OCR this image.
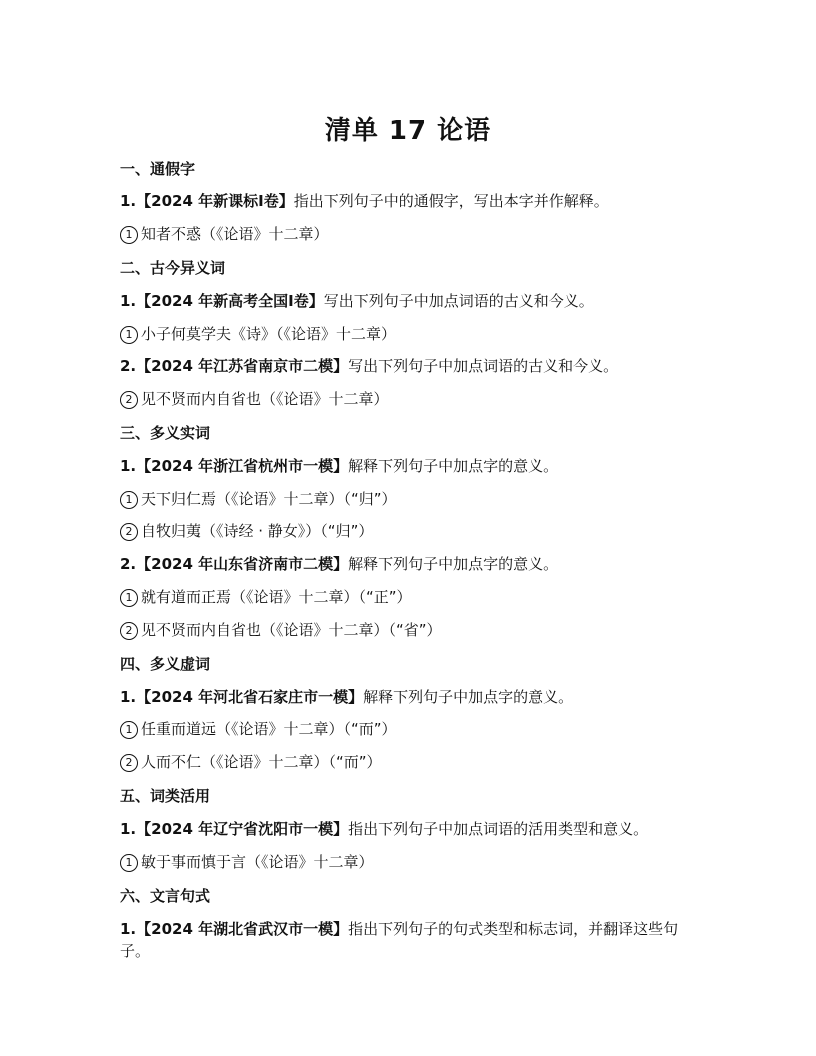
清单 17 论语
一、通假字
1.【2024 年新课标Ⅰ卷】指出下列句子中的通假字，写出本字并作解释。
1 知者不惑（《论语》十二章）
二、古今异义词
1.【2024 年新高考全国Ⅰ卷】写出下列句子中加点词语的古义和今义。
1 小子何莫学夫《诗》（《论语》十二章）
2.【2024 年江苏省南京市二模】写出下列句子中加点词语的古义和今义。
2 见不贤而内自省也（《论语》十二章）
三、多义实词
1.【2024 年浙江省杭州市一模】解释下列句子中加点字的意义。
1 天下归仁焉（《论语》十二章）（“归”）
2 自牧归荑（《诗经 · 静女》）（“归”）
2.【2024 年山东省济南市二模】解释下列句子中加点字的意义。
1 就有道而正焉（《论语》十二章）（“正”）
2 见不贤而内自省也（《论语》十二章）（“省”）
四、多义虚词
1.【2024 年河北省石家庄市一模】解释下列句子中加点字的意义。
1 任重而道远（《论语》十二章）（“而”）
2 人而不仁（《论语》十二章）（“而”）
五、词类活用
1.【2024 年辽宁省沈阳市一模】指出下列句子中加点词语的活用类型和意义。
1 敏于事而慎于言（《论语》十二章）
六、文言句式
1.【2024 年湖北省武汉市一模】指出下列句子的句式类型和标志词，并翻译这些句子。
